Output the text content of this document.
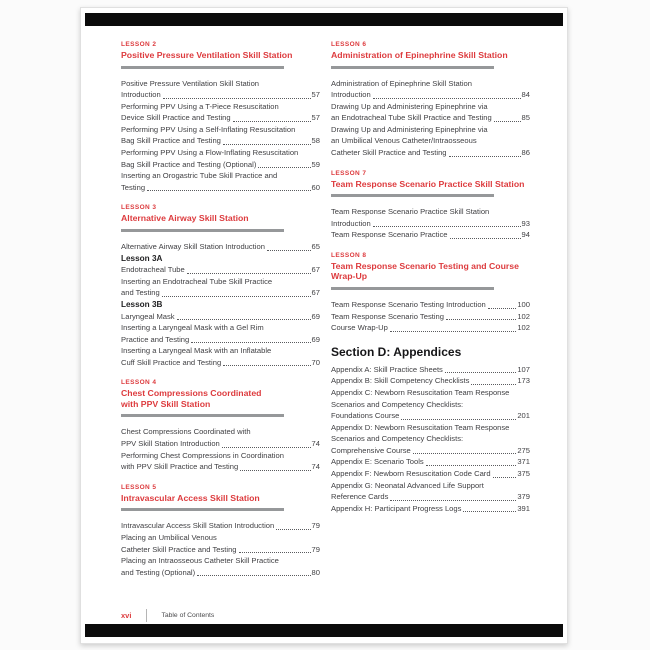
LESSON 2
Positive Pressure Ventilation Skill Station
Positive Pressure Ventilation Skill Station
Introduction	57
Performing PPV Using a T-Piece Resuscitation
Device Skill Practice and Testing	57
Performing PPV Using a Self-Inflating Resuscitation
Bag Skill Practice and Testing	58
Performing PPV Using a Flow-Inflating Resuscitation
Bag Skill Practice and Testing (Optional)	59
Inserting an Orogastric Tube Skill Practice and
Testing	60
LESSON 3
Alternative Airway Skill Station
Alternative Airway Skill Station Introduction	65
Lesson 3A
Endotracheal Tube	67
Inserting an Endotracheal Tube Skill Practice
and Testing	67
Lesson 3B
Laryngeal Mask	69
Inserting a Laryngeal Mask with a Gel Rim
Practice and Testing	69
Inserting a Laryngeal Mask with an Inflatable
Cuff Skill Practice and Testing	70
LESSON 4
Chest Compressions Coordinated
with PPV Skill Station
Chest Compressions Coordinated with
PPV Skill Station Introduction	74
Performing Chest Compressions in Coordination
with PPV Skill Practice and Testing	74
LESSON 5
Intravascular Access Skill Station
Intravascular Access Skill Station Introduction	79
Placing an Umbilical Venous
Catheter Skill Practice and Testing	79
Placing an Intraosseous Catheter Skill Practice
and Testing (Optional)	80
LESSON 6
Administration of Epinephrine Skill Station
Administration of Epinephrine Skill Station
Introduction	84
Drawing Up and Administering Epinephrine via
an Endotracheal Tube Skill Practice and Testing	85
Drawing Up and Administering Epinephrine via
an Umbilical Venous Catheter/Intraosseous
Catheter Skill Practice and Testing	86
LESSON 7
Team Response Scenario Practice Skill Station
Team Response Scenario Practice Skill Station
Introduction	93
Team Response Scenario Practice	94
LESSON 8
Team Response Scenario Testing and Course
Wrap-Up
Team Response Scenario Testing Introduction	100
Team Response Scenario Testing	102
Course Wrap-Up	102
Section D: Appendices
Appendix A: Skill Practice Sheets	107
Appendix B: Skill Competency Checklists	173
Appendix C: Newborn Resuscitation Team Response
Scenarios and Competency Checklists:
Foundations Course	201
Appendix D: Newborn Resuscitation Team Response
Scenarios and Competency Checklists:
Comprehensive Course	275
Appendix E: Scenario Tools	371
Appendix F: Newborn Resuscitation Code Card	375
Appendix G: Neonatal Advanced Life Support
Reference Cards	379
Appendix H: Participant Progress Logs	391
xvi	Table of Contents
